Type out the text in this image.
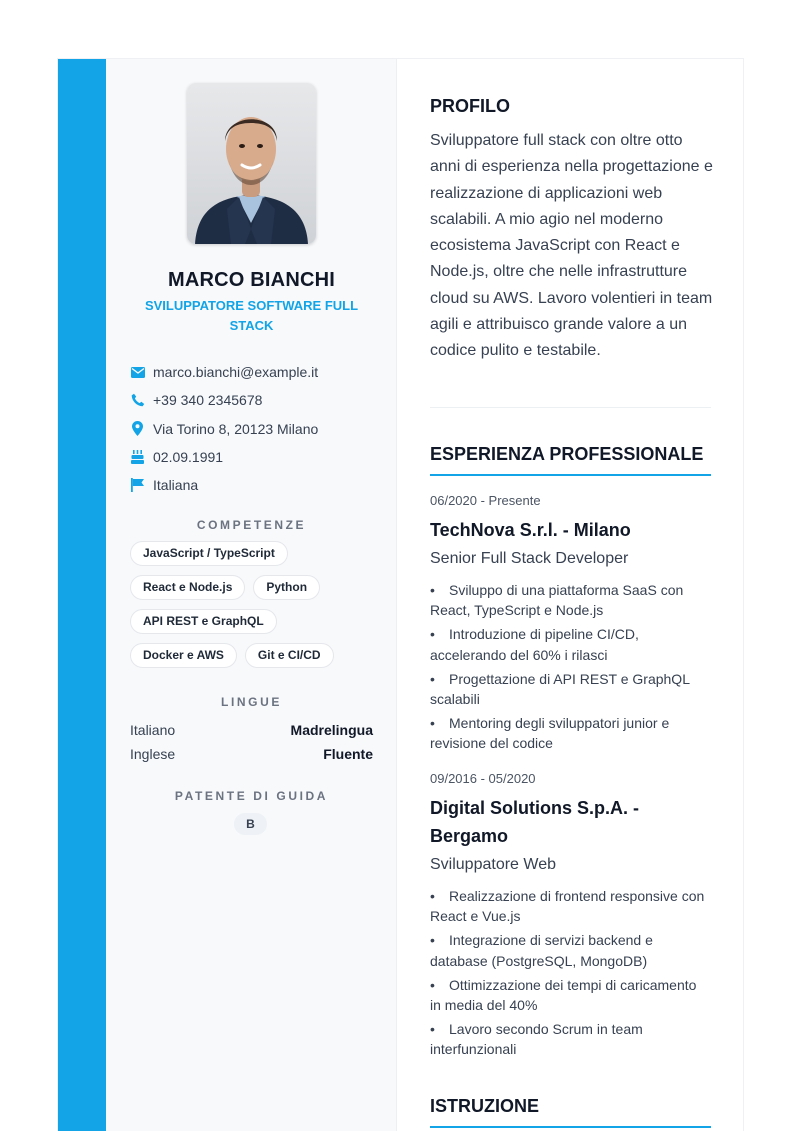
MARCO BIANCHI
SVILUPPATORE SOFTWARE FULL STACK
marco.bianchi@example.it
+39 340 2345678
Via Torino 8, 20123 Milano
02.09.1991
Italiana
COMPETENZE
JavaScript / TypeScript
React e Node.js	Python
API REST e GraphQL
Docker e AWS	Git e CI/CD
LINGUE
Italiano	Madrelingua
Inglese	Fluente
PATENTE DI GUIDA
B
PROFILO
Sviluppatore full stack con oltre otto anni di esperienza nella progettazione e realizzazione di applicazioni web scalabili. A mio agio nel moderno ecosistema JavaScript con React e Node.js, oltre che nelle infrastrutture cloud su AWS. Lavoro volentieri in team agili e attribuisco grande valore a un codice pulito e testabile.
ESPERIENZA PROFESSIONALE
06/2020 - Presente
TechNova S.r.l. - Milano
Senior Full Stack Developer
• Sviluppo di una piattaforma SaaS con React, TypeScript e Node.js
• Introduzione di pipeline CI/CD, accelerando del 60% i rilasci
• Progettazione di API REST e GraphQL scalabili
• Mentoring degli sviluppatori junior e revisione del codice
09/2016 - 05/2020
Digital Solutions S.p.A. - Bergamo
Sviluppatore Web
• Realizzazione di frontend responsive con React e Vue.js
• Integrazione di servizi backend e database (PostgreSQL, MongoDB)
• Ottimizzazione dei tempi di caricamento in media del 40%
• Lavoro secondo Scrum in team interfunzionali
ISTRUZIONE
